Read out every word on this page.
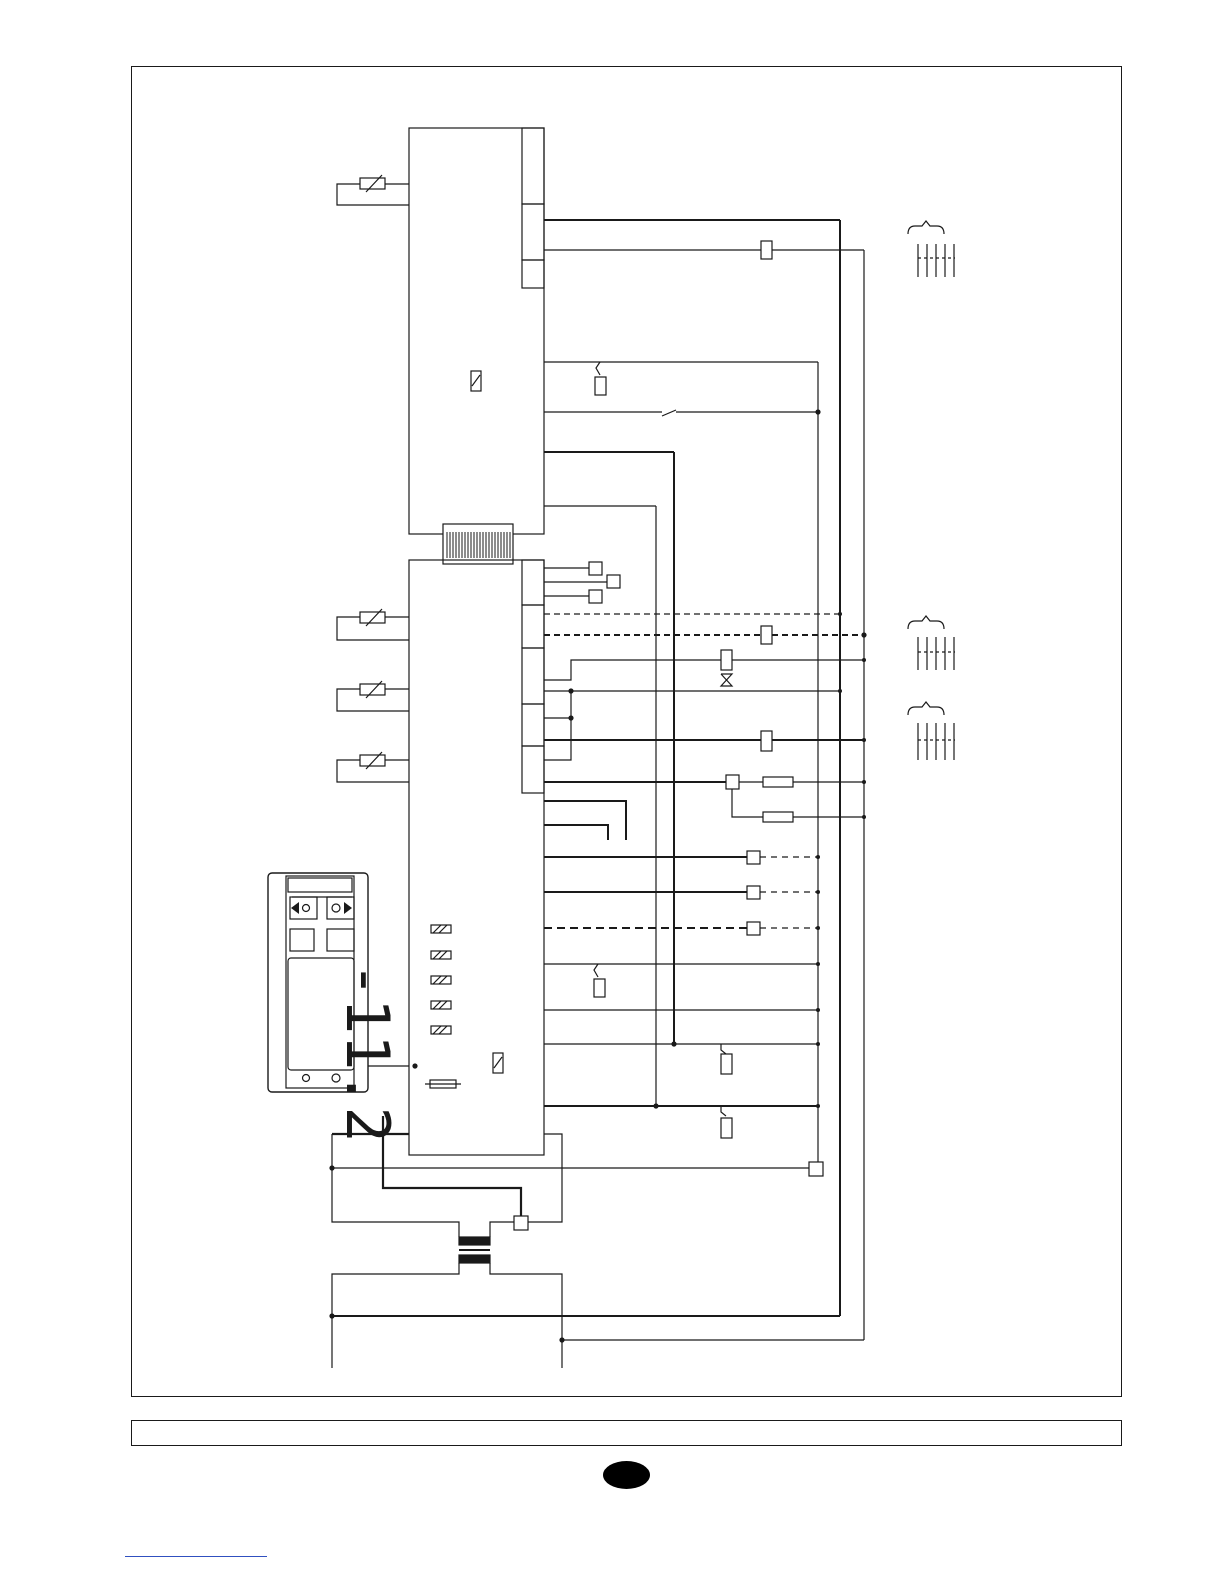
-11.2
